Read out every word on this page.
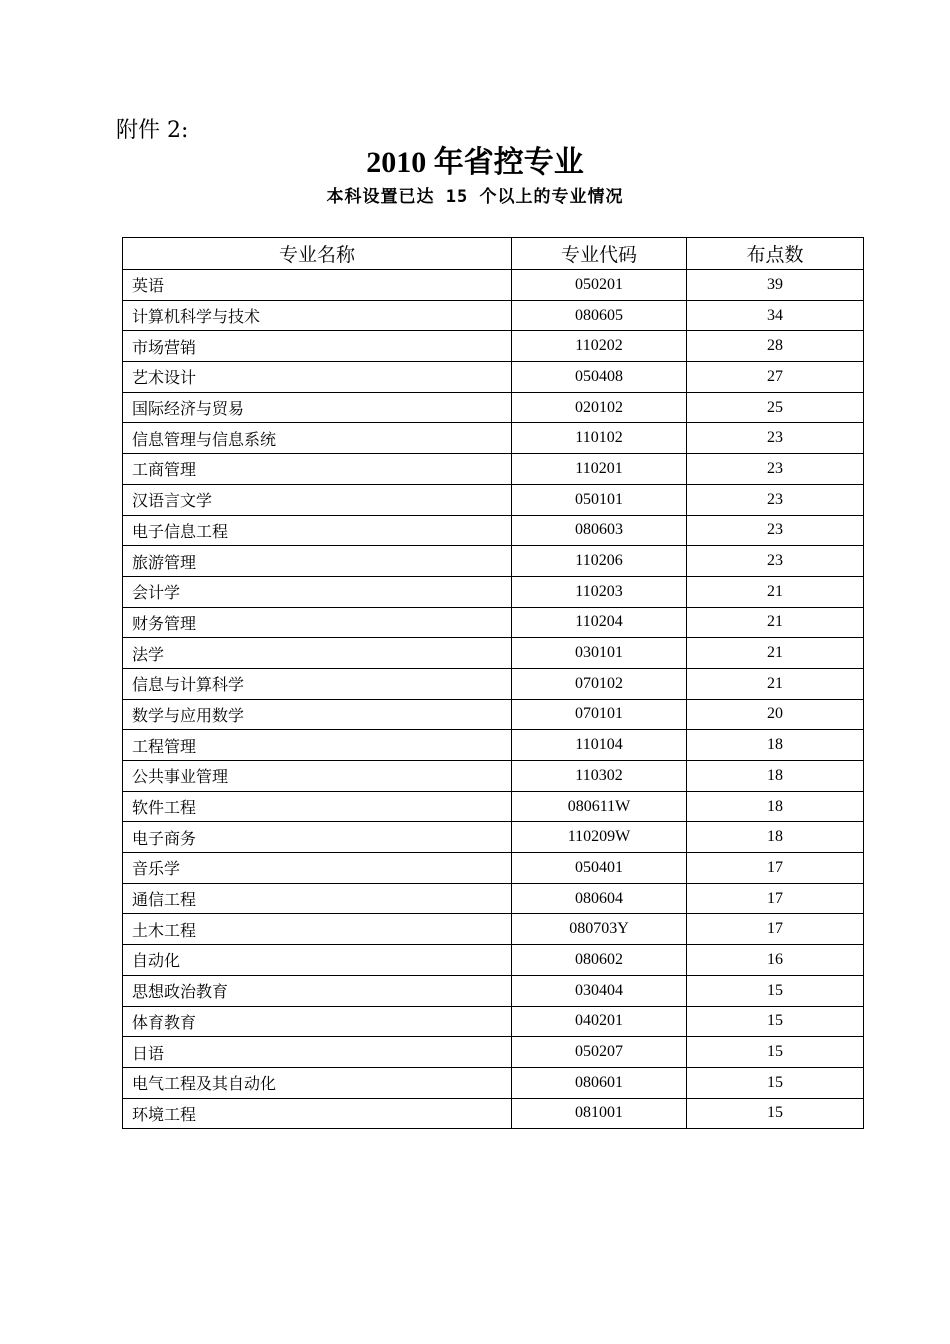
附件 2:
2010 年省控专业
本科设置已达 15 个以上的专业情况
专业名称	专业代码	布点数
英语	050201	39
计算机科学与技术	080605	34
市场营销	110202	28
艺术设计	050408	27
国际经济与贸易	020102	25
信息管理与信息系统	110102	23
工商管理	110201	23
汉语言文学	050101	23
电子信息工程	080603	23
旅游管理	110206	23
会计学	110203	21
财务管理	110204	21
法学	030101	21
信息与计算科学	070102	21
数学与应用数学	070101	20
工程管理	110104	18
公共事业管理	110302	18
软件工程	080611W	18
电子商务	110209W	18
音乐学	050401	17
通信工程	080604	17
土木工程	080703Y	17
自动化	080602	16
思想政治教育	030404	15
体育教育	040201	15
日语	050207	15
电气工程及其自动化	080601	15
环境工程	081001	15
